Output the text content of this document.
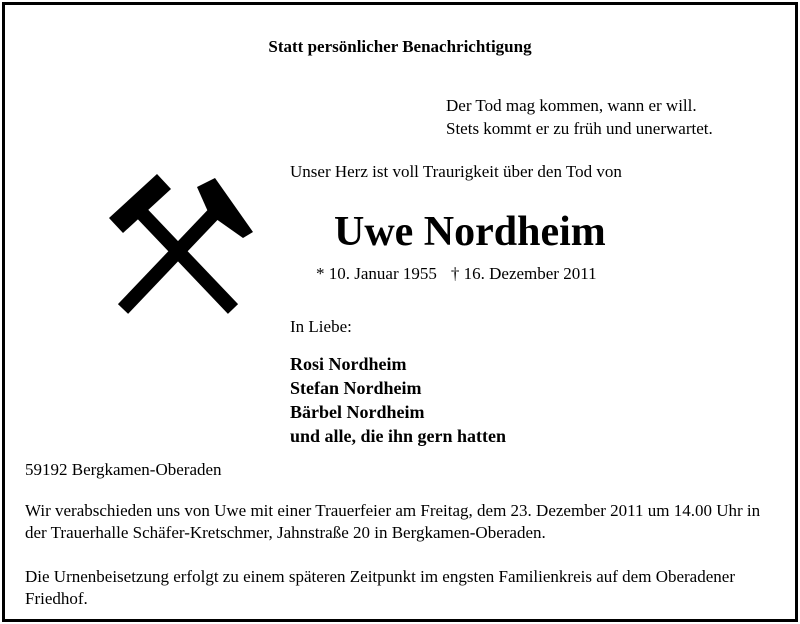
Statt persönlicher Benachrichtigung
Der Tod mag kommen, wann er will.
Stets kommt er zu früh und unerwartet.
Unser Herz ist voll Traurigkeit über den Tod von
Uwe Nordheim
* 10. Januar 1955 † 16. Dezember 2011
In Liebe:
Rosi Nordheim
Stefan Nordheim
Bärbel Nordheim
und alle, die ihn gern hatten
59192 Bergkamen-Oberaden
Wir verabschieden uns von Uwe mit einer Trauerfeier am Freitag, dem 23. Dezember 2011 um 14.00 Uhr in der Trauerhalle Schäfer-Kretschmer, Jahnstraße 20 in Bergkamen-Oberaden.
Die Urnenbeisetzung erfolgt zu einem späteren Zeitpunkt im engsten Familienkreis auf dem Oberadener Friedhof.
